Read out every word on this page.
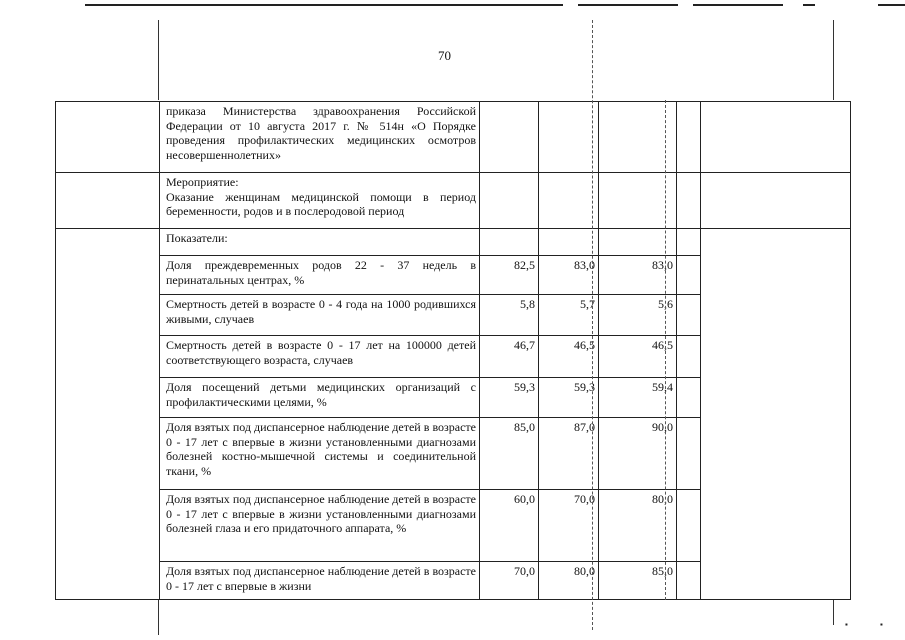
70
	приказа Министерства здравоохранения Российской Федерации от 10 августа 2017 г. № 514н «О Порядке проведения профилактических медицинских осмотров несовершеннолетних»					
	Мероприятие:
Оказание женщинам медицинской помощи в период беременности, родов и в послеродовой период					
	Показатели:					
	Доля преждевременных родов 22 - 37 недель в перинатальных центрах, %	82,5	83,0	83,0		
	Смертность детей в возрасте 0 - 4 года на 1000 родившихся живыми, случаев	5,8	5,7	5,6		
	Смертность детей в возрасте 0 - 17 лет на 100000 детей соответствующего возраста, случаев	46,7	46,5	46,5		
	Доля посещений детьми медицинских организаций с профилактическими целями, %	59,3	59,3	59,4		
	Доля взятых под диспансерное наблюдение детей в возрасте 0 - 17 лет с впервые в жизни установленными диагнозами болезней костно-мышечной системы и соединительной ткани, %	85,0	87,0	90,0		
	Доля взятых под диспансерное наблюдение детей в возрасте 0 - 17 лет с впервые в жизни установленными диагнозами болезней глаза и его придаточного аппарата, %	60,0	70,0	80,0		
	Доля взятых под диспансерное наблюдение детей в возрасте 0 - 17 лет с впервые в жизни	70,0	80,0	85,0		
▪	▪
